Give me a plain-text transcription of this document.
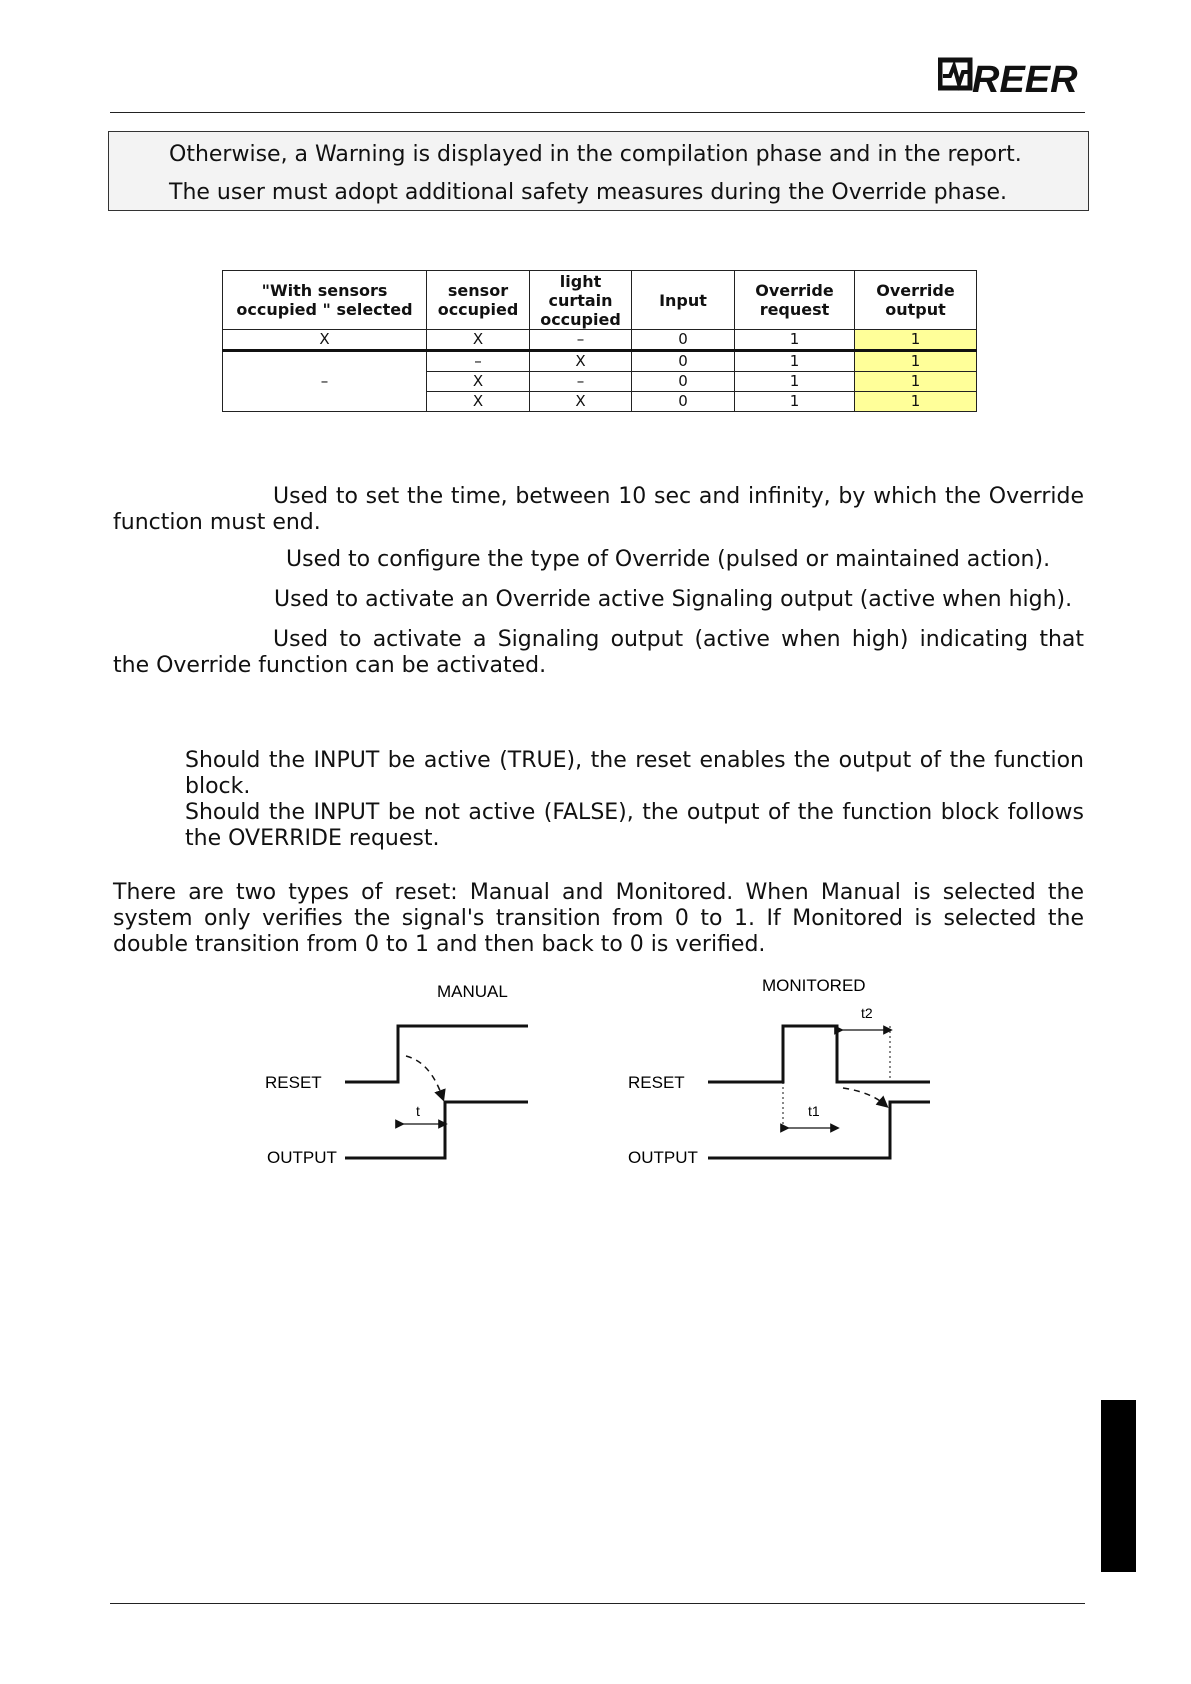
REER
Otherwise, a Warning is displayed in the compilation phase and in the report.
The user must adopt additional safety measures during the Override phase.
"With sensors occupied " selected	sensor occupied	light curtain occupied	Input	Override request	Override output
X	X	–	0	1	1
–	–	X	0	1	1
	X	–	0	1	1
	X	X	0	1	1
Used to set the time, between 10 sec and infinity, by which the Override function must end.
Used to configure the type of Override (pulsed or maintained action).
Used to activate an Override active Signaling output (active when high).
Used to activate a Signaling output (active when high) indicating that the Override function can be activated.
Should the INPUT be active (TRUE), the reset enables the output of the function block.
Should the INPUT be not active (FALSE), the output of the function block follows the OVERRIDE request.
There are two types of reset: Manual and Monitored. When Manual is selected the system only verifies the signal's transition from 0 to 1. If Monitored is selected the double transition from 0 to 1 and then back to 0 is verified.
MANUAL
RESET
OUTPUT
t
MONITORED
RESET
OUTPUT
t1
t2
